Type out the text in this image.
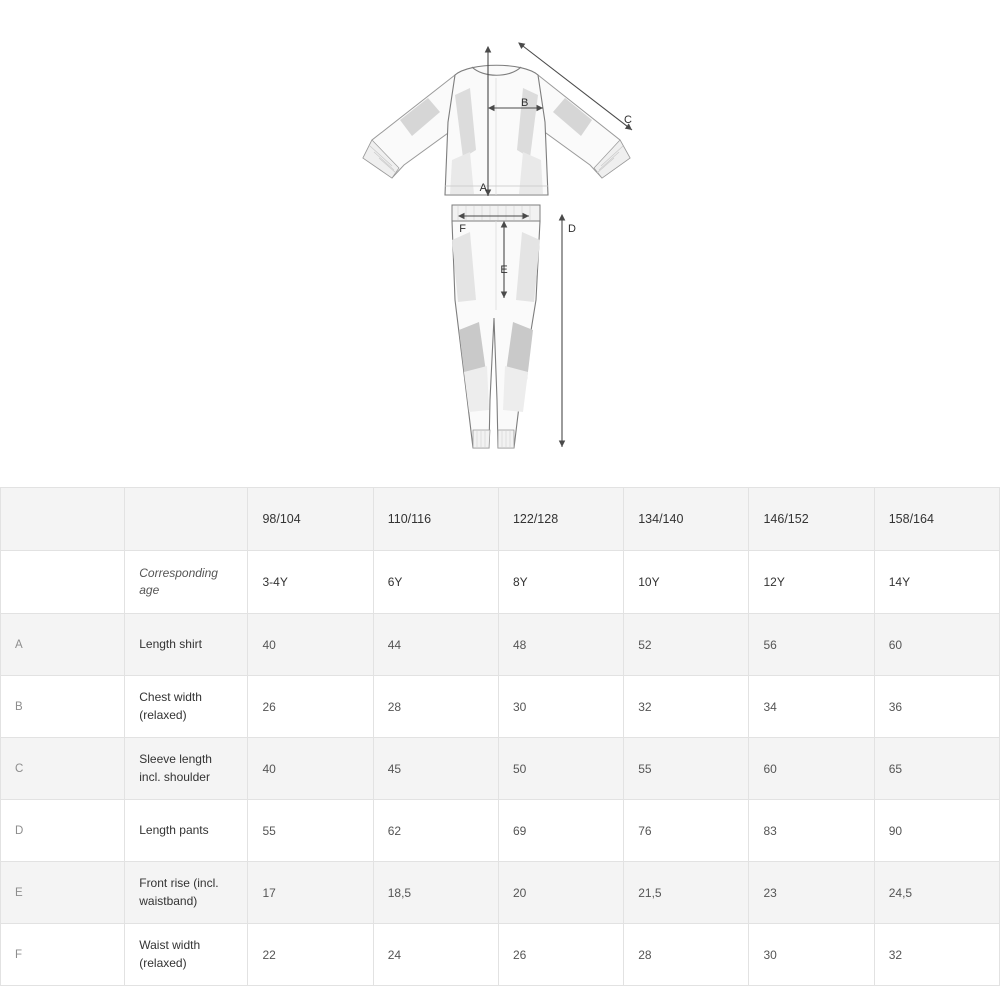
A
B
C
F
E
D
		98/104	110/116	122/128	134/140	146/152	158/164
	Corresponding age	3-4Y	6Y	8Y	10Y	12Y	14Y
A	Length shirt	40	44	48	52	56	60
B	Chest width (relaxed)	26	28	30	32	34	36
C	Sleeve length incl. shoulder	40	45	50	55	60	65
D	Length pants	55	62	69	76	83	90
E	Front rise (incl. waistband)	17	18,5	20	21,5	23	24,5
F	Waist width (relaxed)	22	24	26	28	30	32
